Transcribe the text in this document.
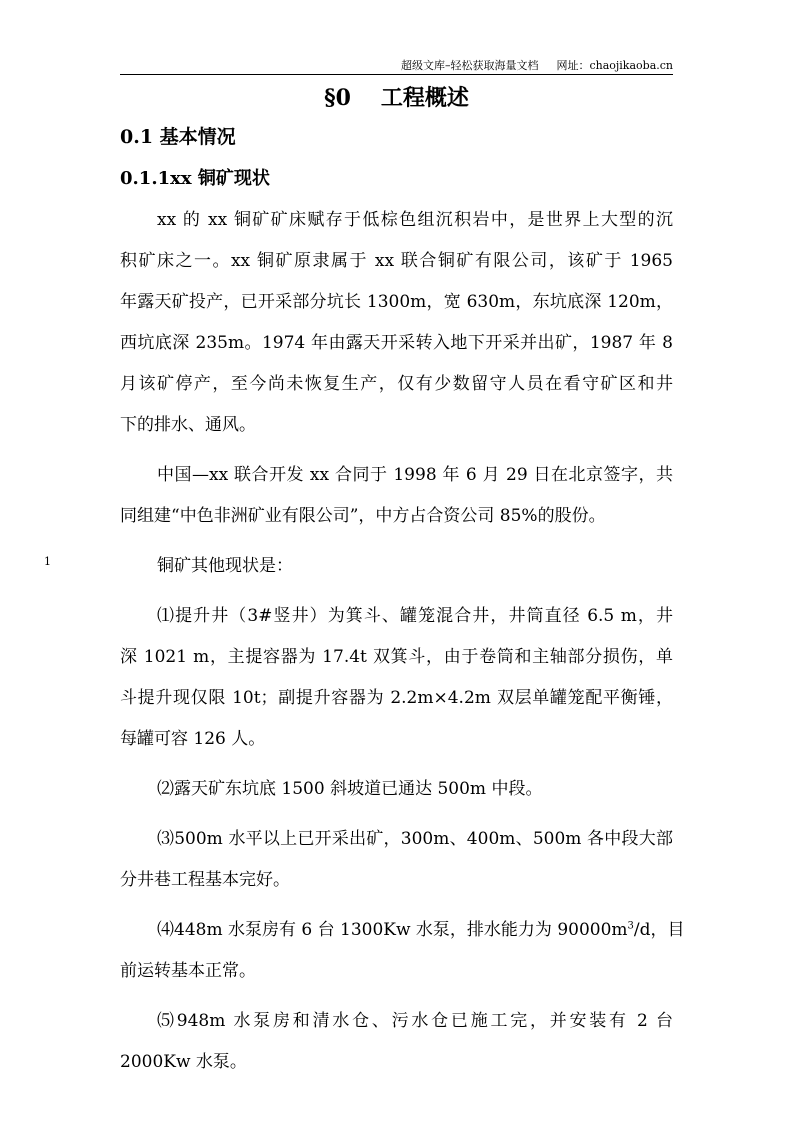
超级文库–轻松获取海量文档 网址：chaojikaoba.cn
1
§0 工程概述
0.1 基本情况
0.1.1xx 铜矿现状
xx 的 xx 铜矿矿床赋存于低棕色组沉积岩中，是世界上大型的沉
积矿床之一。xx 铜矿原隶属于 xx 联合铜矿有限公司，该矿于 1965
年露天矿投产，已开采部分坑长 1300m，宽 630m，东坑底深 120m，
西坑底深 235m。1974 年由露天开采转入地下开采并出矿，1987 年 8
月该矿停产，至今尚未恢复生产，仅有少数留守人员在看守矿区和井
下的排水、通风。
中国—xx 联合开发 xx 合同于 1998 年 6 月 29 日在北京签字，共
同组建“中色非洲矿业有限公司”，中方占合资公司 85%的股份。
铜矿其他现状是：
⑴提升井（3#竖井）为箕斗、罐笼混合井，井筒直径 6.5 m，井
深 1021 m，主提容器为 17.4t 双箕斗，由于卷筒和主轴部分损伤，单
斗提升现仅限 10t；副提升容器为 2.2m×4.2m 双层单罐笼配平衡锤，
每罐可容 126 人。
⑵露天矿东坑底 1500 斜坡道已通达 500m 中段。
⑶500m 水平以上已开采出矿，300m、400m、500m 各中段大部
分井巷工程基本完好。
⑷448m 水泵房有 6 台 1300Kw 水泵，排水能力为 $90000m^3/d$，目
前运转基本正常。
⑸948m 水泵房和清水仓、污水仓已施工完，并安装有 2 台
2000Kw 水泵。
